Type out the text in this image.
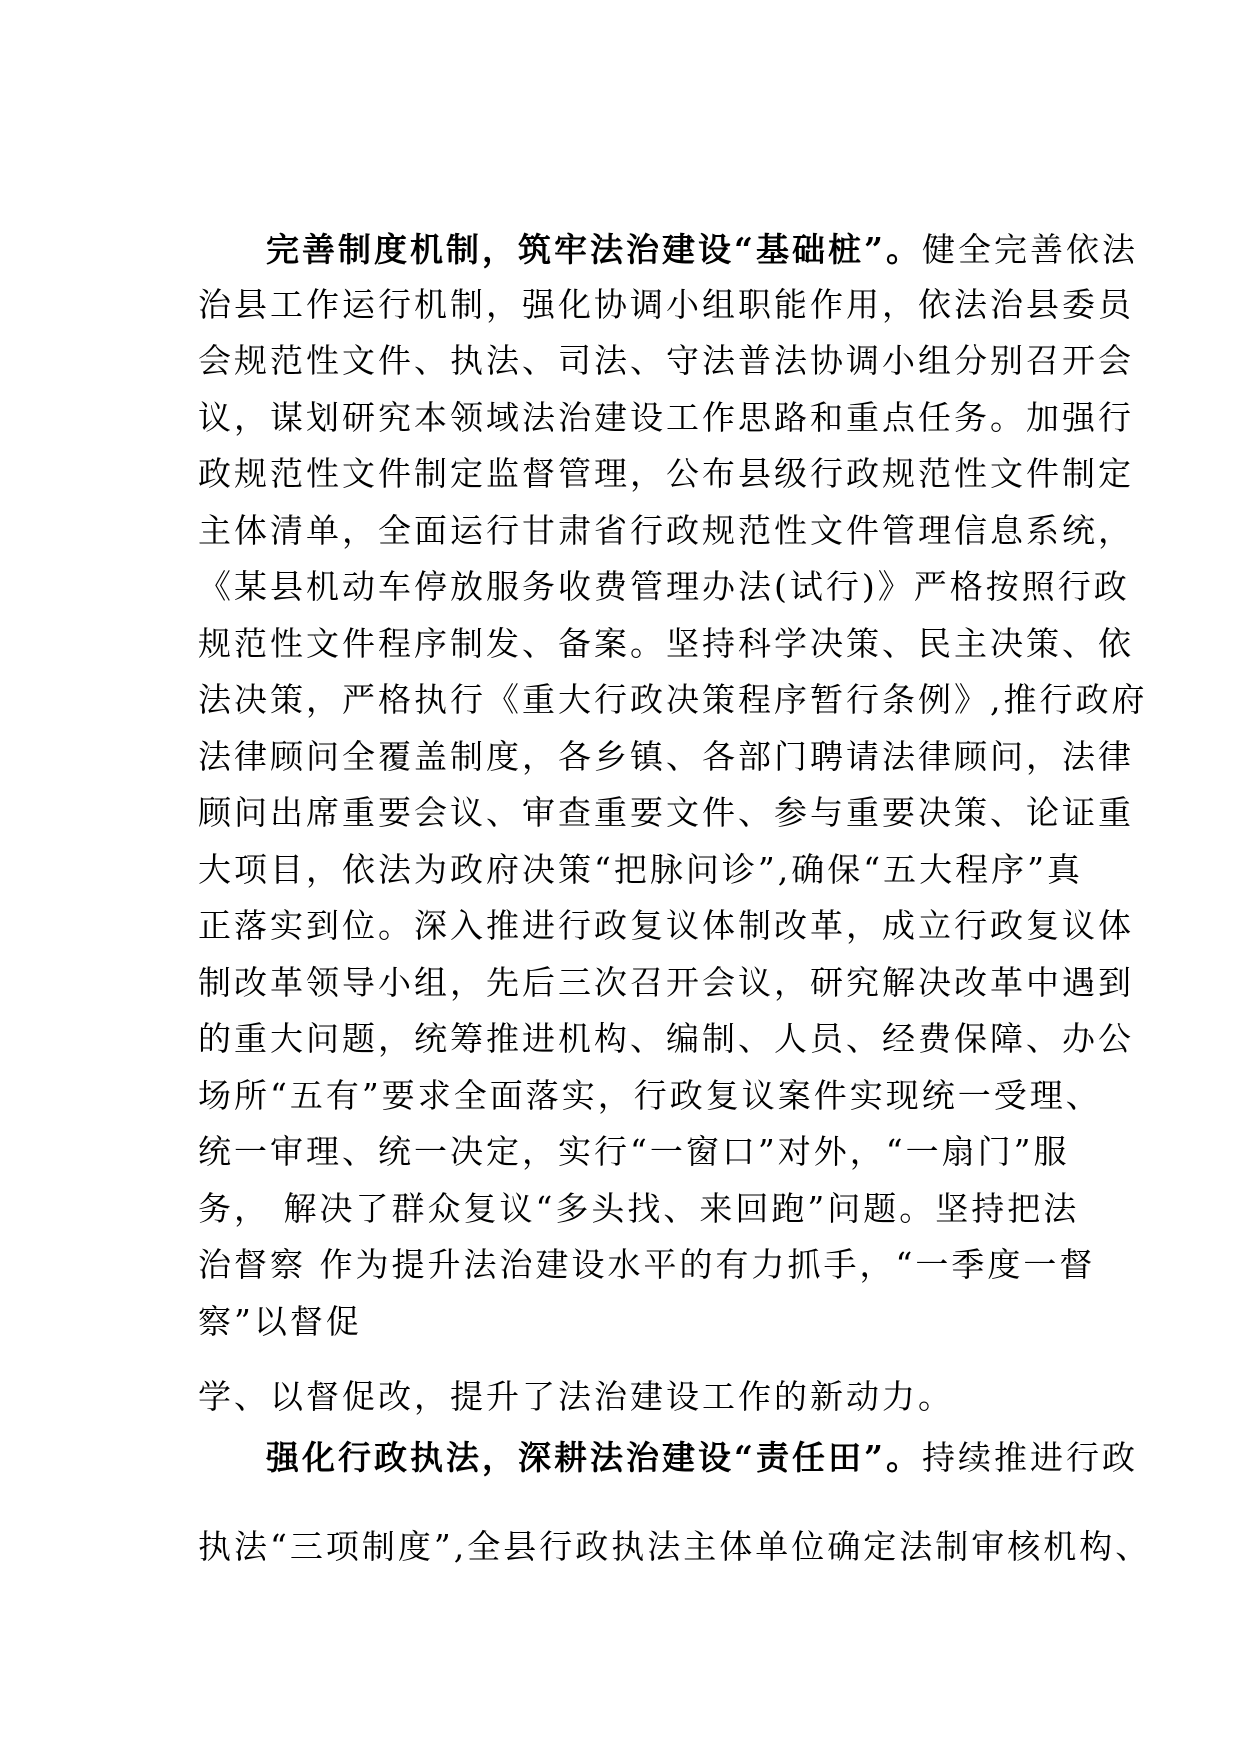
完善制度机制，筑牢法治建设“基础桩”。健全完善依法
治县工作运行机制，强化协调小组职能作用，依法治县委员
会规范性文件、执法、司法、守法普法协调小组分别召开会
议，谋划研究本领域法治建设工作思路和重点任务。加强行
政规范性文件制定监督管理，公布县级行政规范性文件制定
主体清单，全面运行甘肃省行政规范性文件管理信息系统，
《某县机动车停放服务收费管理办法(试行)》严格按照行政
规范性文件程序制发、备案。坚持科学决策、民主决策、依
法决策，严格执行《重大行政决策程序暂行条例》,推行政府
法律顾问全覆盖制度，各乡镇、各部门聘请法律顾问，法律
顾问出席重要会议、审查重要文件、参与重要决策、论证重
大项目，依法为政府决策“把脉问诊”,确保“五大程序”真
正落实到位。深入推进行政复议体制改革，成立行政复议体
制改革领导小组，先后三次召开会议，研究解决改革中遇到
的重大问题，统筹推进机构、编制、人员、经费保障、办公
场所“五有”要求全面落实，行政复议案件实现统一受理、
统一审理、统一决定，实行“一窗口”对外，“一扇门”服
务， 解决了群众复议“多头找、来回跑”问题。坚持把法
治督察 作为提升法治建设水平的有力抓手，“一季度一督
察”以督促
学、以督促改，提升了法治建设工作的新动力。
强化行政执法，深耕法治建设“责任田”。持续推进行政
执法“三项制度”,全县行政执法主体单位确定法制审核机构、
